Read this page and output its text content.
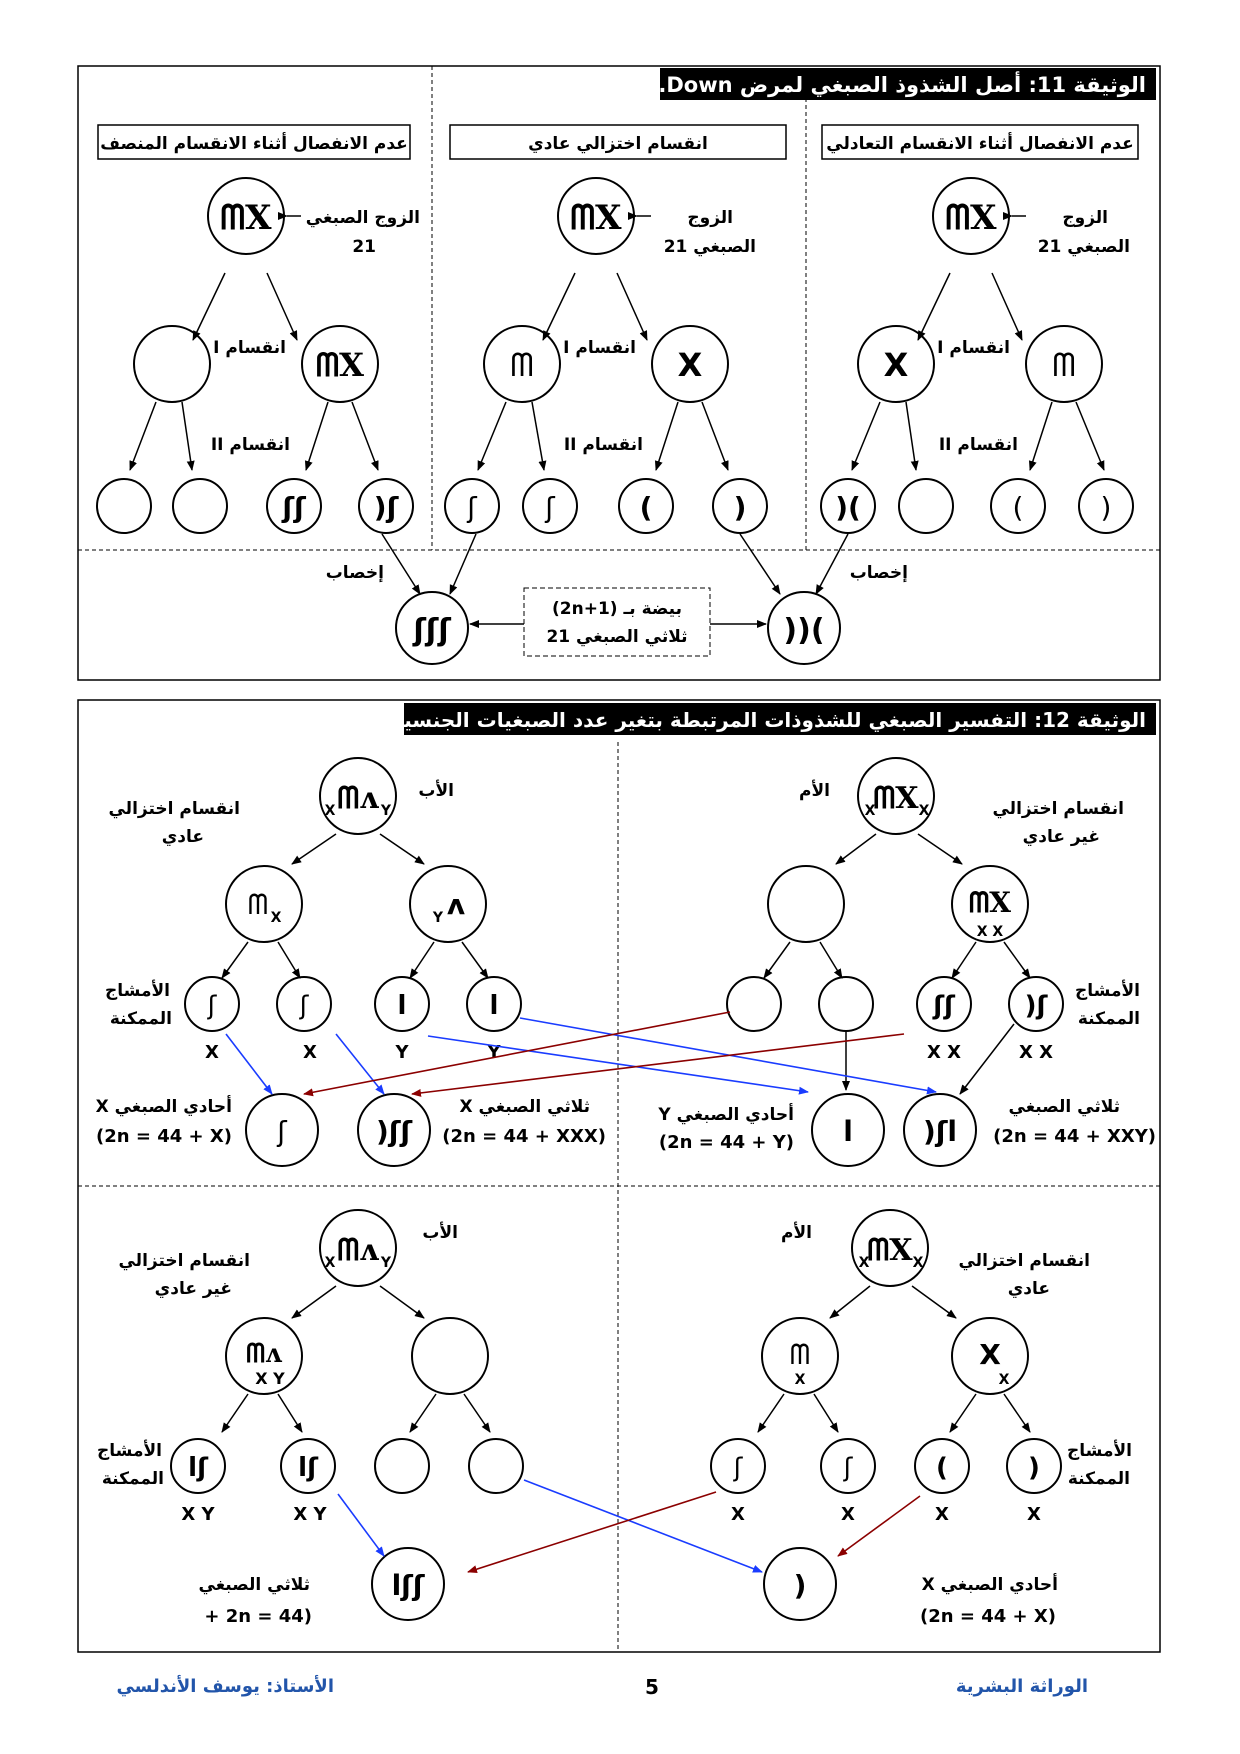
الوثيقة 11: أصل الشذوذ الصبغي لمرض Down.
عدم الانفصال أثناء الانقسام التعادلي
انقسام اختزالي عادي
عدم الانفصال أثناء الانقسام المنصف
ᗰX	الزوج
الصبغي 21
انقسام I
X	ᗰ
انقسام II
)(	)	(
ᗰX	الزوج
الصبغي 21
انقسام I
ᗰ	X
انقسام II
ʃ ʃ	)	(
ᗰX الزوج الصبغي
21
انقسام I ᗰX
انقسام II
ʃʃ ʃ(
إخصاب
ʃʃʃ
إخصاب
)((
بيضة بـ (2n+1)
ثلاثي الصبغي 21
الوثيقة 12: التفسير الصبغي للشذوذات المرتبطة بتغير عدد الصبغيات الجنسية.
الأم ᗰX
X	X	انقسام اختزالي
غير عادي
ᗰX
X X
ʃʃ	ʃ(
X X	X X
الأمشاج
الممكنة
ا	اʃ(
أحادي الصبغي Y
(2n = 44 + Y)
ثلاثي الصبغي
(2n = 44 + XXY)
الأب
ᗰʌ
X	Y
انقسام اختزالي
عادي
ᗰ X	ʌ
Y
ʃ	ʃ	ا	ا
X	X	Y	Y
الأمشاج
الممكنة
ʃ	ʃʃ(
أحادي الصبغي X
(2n = 44 + X)
ثلاثي الصبغي X
(2n = 44 + XXX)
الأم ᗰX
X	X انقسام اختزالي
عادي
ᗰ
X
X
X
ʃ	ʃ	)	(
X	X	X	X
الأمشاج
الممكنة
(	أحادي الصبغي X
(2n = 44 + X)
الأب
ᗰʌ
X	Y
انقسام اختزالي
غير عادي
ᗰʌ
X Y
ʃا	ʃا
X Y	X Y
الأمشاج
الممكنة
ʃʃا
ثلاثي الصبغي
(2n = 44 +
الوراثة البشرية
5
الأستاذ: يوسف الأندلسي
